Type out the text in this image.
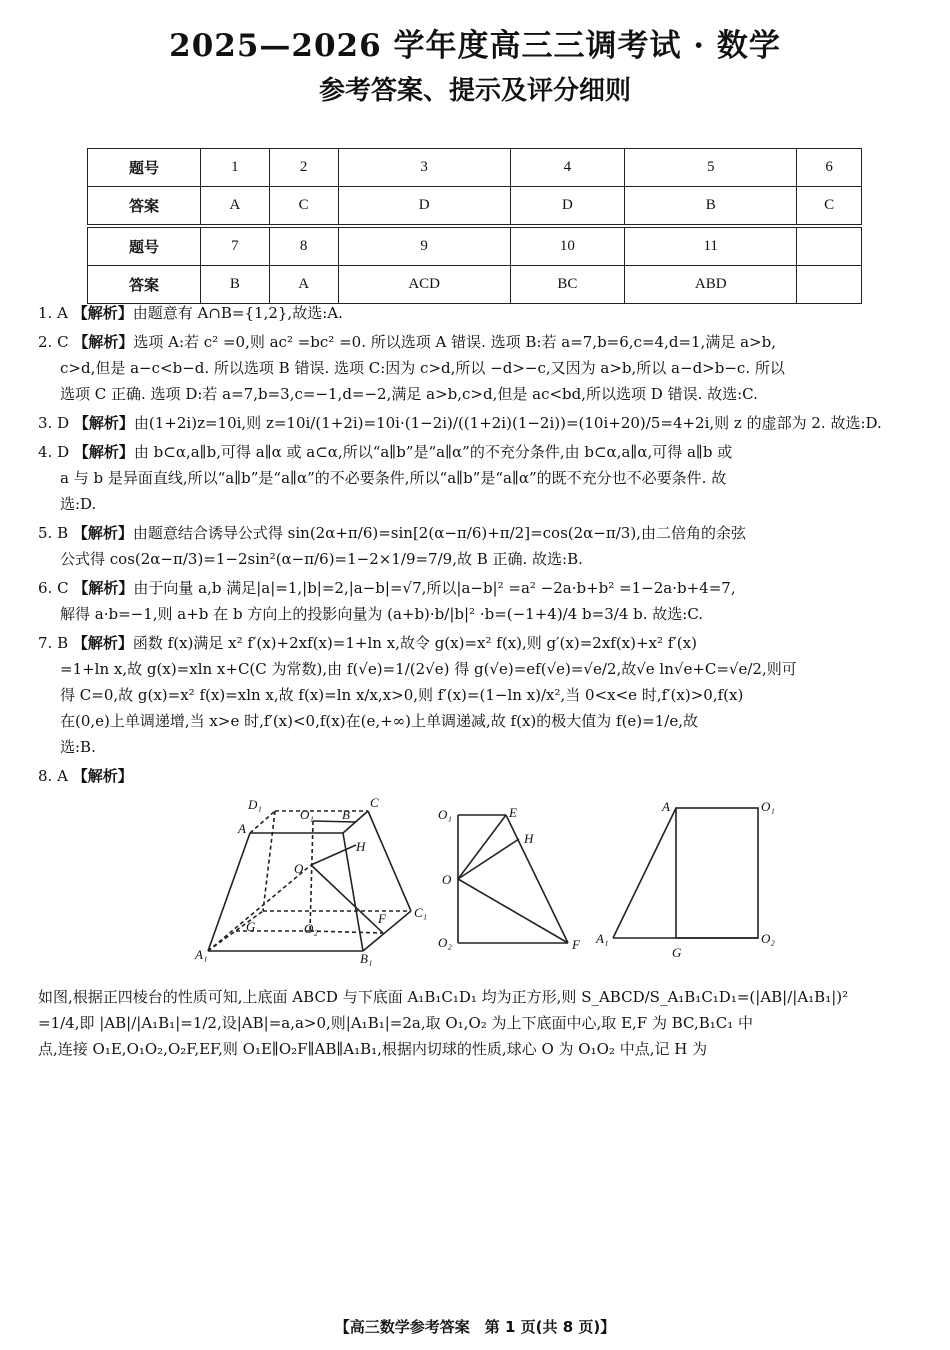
2025—2026 学年度高三三调考试 · 数学
参考答案、提示及评分细则
题号	1	2	3	4	5	6
答案	A	C	D	D	B	C
题号	7	8	9	10	11	
答案	B	A	ACD	BC	ABD	
1. A 【解析】由题意有 A∩B={1,2},故选:A.
2. C 【解析】选项 A:若 c² =0,则 ac² =bc² =0. 所以选项 A 错误. 选项 B:若 a=7,b=6,c=4,d=1,满足 a>b,
c>d,但是 a−c<b−d. 所以选项 B 错误. 选项 C:因为 c>d,所以 −d>−c,又因为 a>b,所以 a−d>b−c. 所以
选项 C 正确. 选项 D:若 a=7,b=3,c=−1,d=−2,满足 a>b,c>d,但是 ac<bd,所以选项 D 错误. 故选:C.
3. D 【解析】由(1+2i)z=10i,则 z=10i/(1+2i)=10i·(1−2i)/((1+2i)(1−2i))=(10i+20)/5=4+2i,则 z 的虚部为 2. 故选:D.
4. D 【解析】由 b⊂α,a∥b,可得 a∥α 或 a⊂α,所以“a∥b”是“a∥α”的不充分条件,由 b⊂α,a∥α,可得 a∥b 或
a 与 b 是异面直线,所以“a∥b”是“a∥α”的不必要条件,所以“a∥b”是“a∥α”的既不充分也不必要条件. 故
选:D.
5. B 【解析】由题意结合诱导公式得 sin(2α+π/6)=sin[2(α−π/6)+π/2]=cos(2α−π/3),由二倍角的余弦
公式得 cos(2α−π/3)=1−2sin²(α−π/6)=1−2×1/9=7/9,故 B 正确. 故选:B.
6. C 【解析】由于向量 a,b 满足|a|=1,|b|=2,|a−b|=√7,所以|a−b|² =a² −2a·b+b² =1−2a·b+4=7,
解得 a·b=−1,则 a+b 在 b 方向上的投影向量为 (a+b)·b/|b|² ·b=(−1+4)/4 b=3/4 b. 故选:C.
7. B 【解析】函数 f(x)满足 x² f′(x)+2xf(x)=1+ln x,故令 g(x)=x² f(x),则 g′(x)=2xf(x)+x² f′(x)
=1+ln x,故 g(x)=xln x+C(C 为常数),由 f(√e)=1/(2√e) 得 g(√e)=ef(√e)=√e/2,故√e ln√e+C=√e/2,则可
得 C=0,故 g(x)=x² f(x)=xln x,故 f(x)=ln x/x,x>0,则 f′(x)=(1−ln x)/x²,当 0<x<e 时,f′(x)>0,f(x)
在(0,e)上单调递增,当 x>e 时,f′(x)<0,f(x)在(e,+∞)上单调递减,故 f(x)的极大值为 f(e)=1/e,故
选:B.
8. A 【解析】
D₁
O₁
A
B
C
H
O
C₁
A₁
G	O₂
F
B₁
O₁	E
H
O
O₂	F
A	O₁
A₁
G
O₂
如图,根据正四棱台的性质可知,上底面 ABCD 与下底面 A₁B₁C₁D₁ 均为正方形,则 S_ABCD/S_A₁B₁C₁D₁=(|AB|/|A₁B₁|)²
=1/4,即 |AB|/|A₁B₁|=1/2,设|AB|=a,a>0,则|A₁B₁|=2a,取 O₁,O₂ 为上下底面中心,取 E,F 为 BC,B₁C₁ 中
点,连接 O₁E,O₁O₂,O₂F,EF,则 O₁E∥O₂F∥AB∥A₁B₁,根据内切球的性质,球心 O 为 O₁O₂ 中点,记 H 为
【高三数学参考答案　第 1 页(共 8 页)】
